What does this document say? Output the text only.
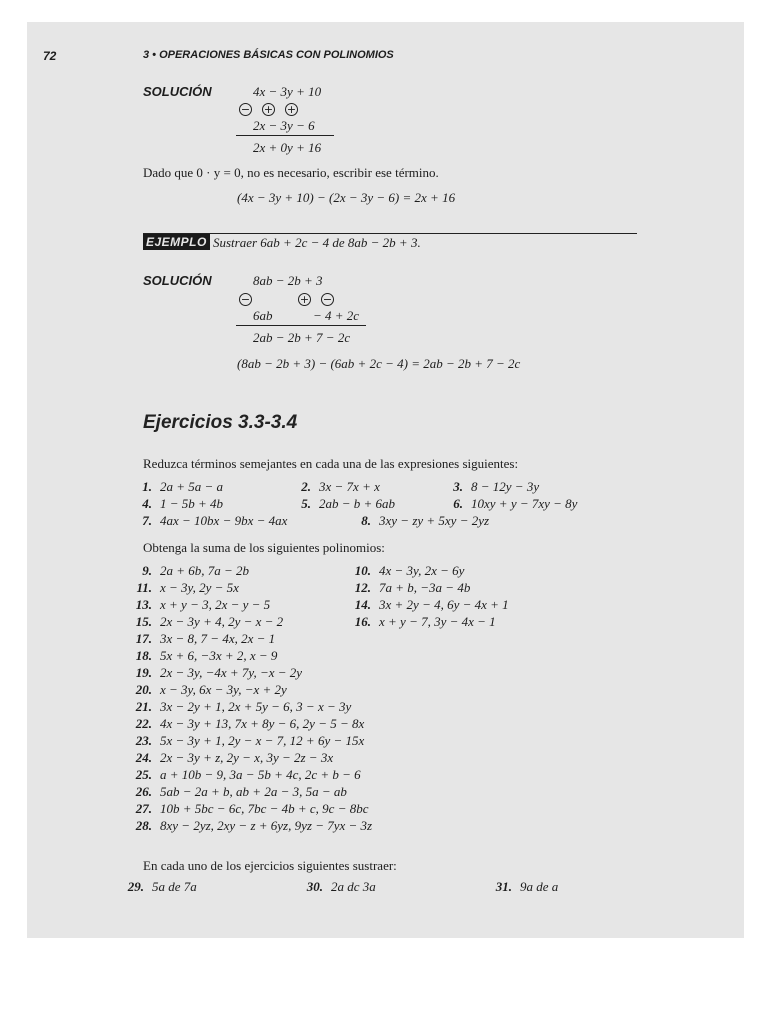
72	3 • OPERACIONES BÁSICAS CON POLINOMIOS
SOLUCIÓN	4x − 3y + 10
− + +
2x − 3y − 6
2x + 0y + 16
Dado que 0 · y = 0, no es necesario, escribir ese término.
(4x − 3y + 10) − (2x − 3y − 6) = 2x + 16
EJEMPLO Sustraer 6ab + 2c − 4 de 8ab − 2b + 3.
SOLUCIÓN	8ab − 2b + 3
−	+ −
6ab	− 4 + 2c
2ab − 2b + 7 − 2c
(8ab − 2b + 3) − (6ab + 2c − 4) = 2ab − 2b + 7 − 2c
Ejercicios 3.3-3.4
Reduzca términos semejantes en cada una de las expresiones siguientes:
1. 2a + 5a − a	2. 3x − 7x + x	3. 8 − 12y − 3y
4. 1 − 5b + 4b	5. 2ab − b + 6ab	6. 10xy + y − 7xy − 8y
7. 4ax − 10bx − 9bx − 4ax	8. 3xy − zy + 5xy − 2yz
Obtenga la suma de los siguientes polinomios:
9. 2a + 6b, 7a − 2b	10. 4x − 3y, 2x − 6y
11. x − 3y, 2y − 5x	12. 7a + b, −3a − 4b
13. x + y − 3, 2x − y − 5	14. 3x + 2y − 4, 6y − 4x + 1
15. 2x − 3y + 4, 2y − x − 2	16. x + y − 7, 3y − 4x − 1
17. 3x − 8, 7 − 4x, 2x − 1
18. 5x + 6, −3x + 2, x − 9
19. 2x − 3y, −4x + 7y, −x − 2y
20. x − 3y, 6x − 3y, −x + 2y
21. 3x − 2y + 1, 2x + 5y − 6, 3 − x − 3y
22. 4x − 3y + 13, 7x + 8y − 6, 2y − 5 − 8x
23. 5x − 3y + 1, 2y − x − 7, 12 + 6y − 15x
24. 2x − 3y + z, 2y − x, 3y − 2z − 3x
25. a + 10b − 9, 3a − 5b + 4c, 2c + b − 6
26. 5ab − 2a + b, ab + 2a − 3, 5a − ab
27. 10b + 5bc − 6c, 7bc − 4b + c, 9c − 8bc
28. 8xy − 2yz, 2xy − z + 6yz, 9yz − 7yx − 3z
En cada uno de los ejercicios siguientes sustraer:
29. 5a de 7a	30. 2a dc 3a	31. 9a de a
